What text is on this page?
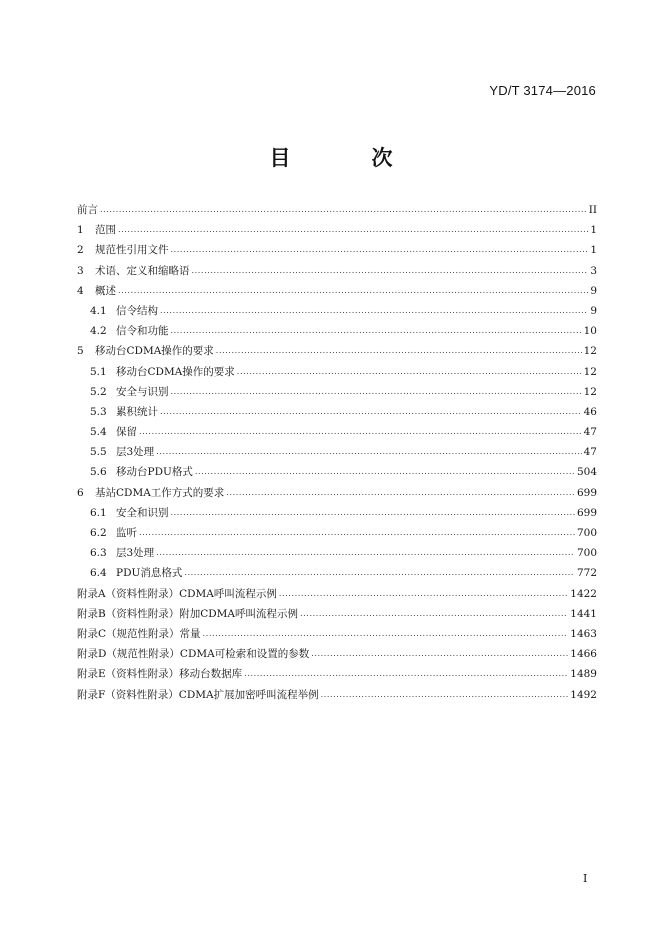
YD/T 3174—2016
目　次
前言 .....	II
1	范围 .....	1
2	规范性引用文件 .....	1
3	术语、定义和缩略语 .....	3
4	概述 .....	9
4.1 信令结构 .....	9
4.2 信令和功能 .....	10
5	移动台CDMA操作的要求 .....	12
5.1 移动台CDMA操作的要求 .....	12
5.2 安全与识别 .....	12
5.3 累积统计 .....	46
5.4 保留 .....	47
5.5 层3处理 .....	47
5.6 移动台PDU格式 .....	504
6	基站CDMA工作方式的要求 .....	699
6.1 安全和识别 .....	699
6.2 监听 .....	700
6.3 层3处理 .....	700
6.4 PDU消息格式 .....	772
附录A（资料性附录）CDMA呼叫流程示例 .....	1422
附录B（资料性附录）附加CDMA呼叫流程示例 .....	1441
附录C（规范性附录）常量 .....	1463
附录D（规范性附录）CDMA可检索和设置的参数 .....	1466
附录E（资料性附录）移动台数据库 .....	1489
附录F（资料性附录）CDMA扩展加密呼叫流程举例 .....	1492
I
